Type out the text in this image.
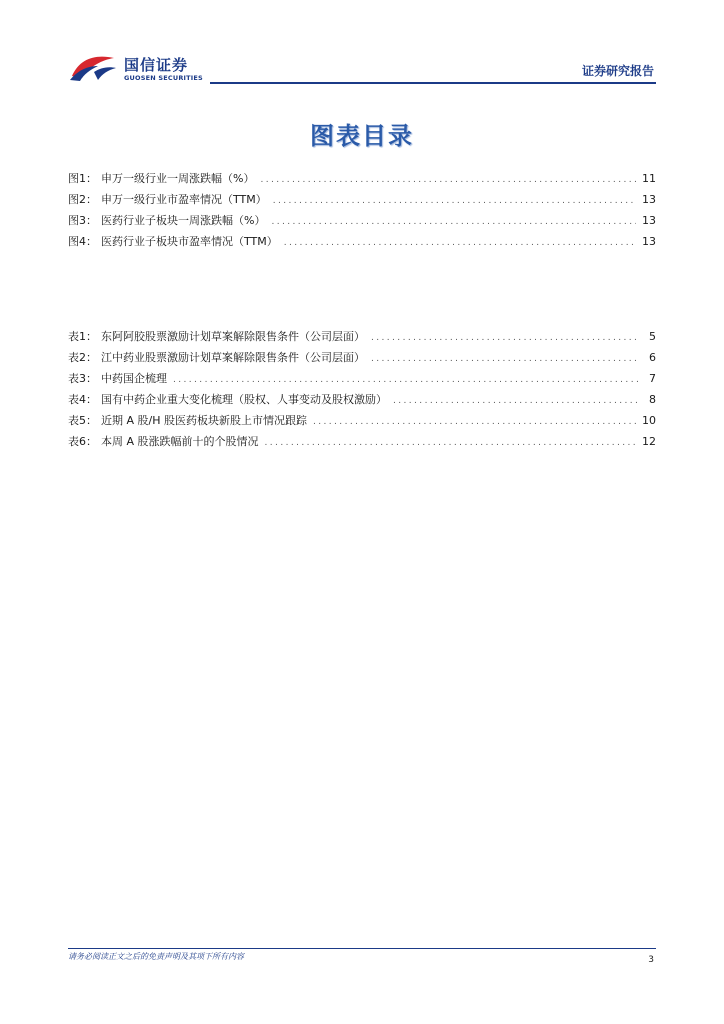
国信证券
GUOSEN SECURITIES	证券研究报告
图表目录
图1： 申万一级行业一周涨跌幅（%） .....	11
图2： 申万一级行业市盈率情况（TTM） .....	13
图3： 医药行业子板块一周涨跌幅（%） .....	13
图4： 医药行业子板块市盈率情况（TTM） .....	13
表1： 东阿阿胶股票激励计划草案解除限售条件（公司层面） .....	5
表2： 江中药业股票激励计划草案解除限售条件（公司层面） .....	6
表3： 中药国企梳理 .....	7
表4： 国有中药企业重大变化梳理（股权、人事变动及股权激励） .....	8
表5： 近期 A 股/H 股医药板块新股上市情况跟踪 .....	10
表6： 本周 A 股涨跌幅前十的个股情况 .....	12
请务必阅读正文之后的免责声明及其项下所有内容	3
